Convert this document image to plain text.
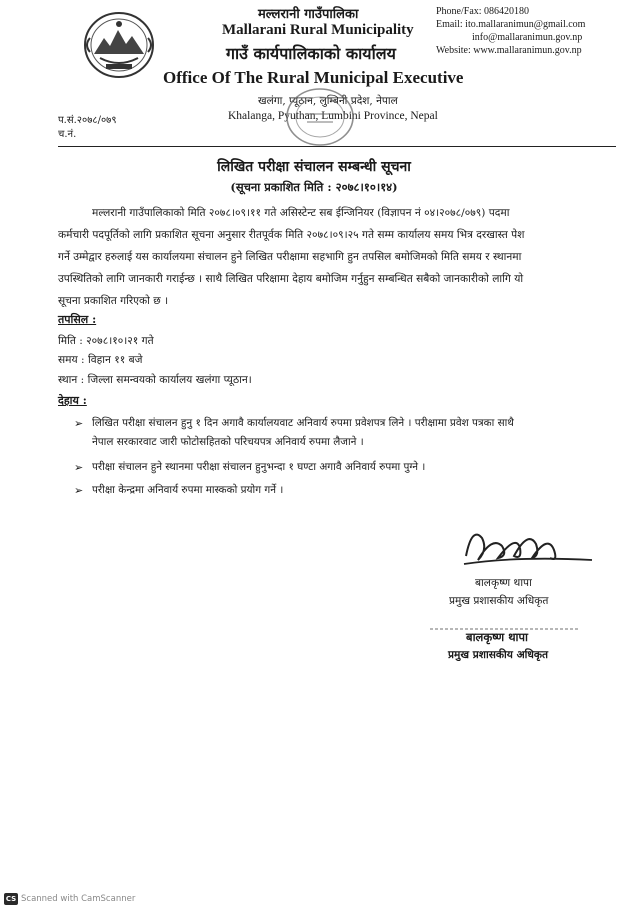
मल्लरानी गाउँपालिका
Mallarani Rural Municipality
गाउँ कार्यपालिकाको कार्यालय
Office Of The Rural Municipal Executive
खलंगा, प्यूठान, लुम्बिनी प्रदेश, नेपाल
Khalanga, Pyuthan, Lumbini Province, Nepal
Phone/Fax: 086420180
Email: ito.mallaranimun@gmail.com
info@mallaranimun.gov.np
Website: www.mallaranimun.gov.np
प.सं.२०७८/०७९
च.नं.
लिखित परीक्षा संचालन सम्बन्धी सूचना
(सूचना प्रकाशित मिति : २०७८।१०।१४)
मल्लरानी गाउँपालिकाको मिति २०७८।०९।११ गते असिस्टेन्ट सब ईन्जिनियर (विज्ञापन नं ०४।२०७८/०७९) पदमा
कर्मचारी पदपूर्तिको लागि प्रकाशित सूचना अनुसार रीतपूर्वक मिति २०७८।०९।२५ गते सम्म कार्यालय समय भित्र दरखास्त पेश
गर्ने उम्मेद्वार हरुलाई यस कार्यालयमा संचालन हुने लिखित परीक्षामा सहभागि हुन तपसिल बमोजिमको मिति समय र स्थानमा
उपस्थितिको लागि जानकारी गराईन्छ । साथै लिखित परिक्षामा देहाय बमोजिम गर्नुहुन सम्बन्धित सबैको जानकारीको लागि यो
सूचना प्रकाशित गरिएको छ ।
तपसिल :
मिति : २०७८।१०।२१ गते
समय : विहान ११ बजे
स्थान : जिल्ला समन्वयको कार्यालय खलंगा प्यूठान।
देहाय :
➢ लिखित परीक्षा संचालन हुनु १ दिन अगावै कार्यालयवाट अनिवार्य रुपमा प्रवेशपत्र लिने । परीक्षामा प्रवेश पत्रका साथै
नेपाल सरकारवाट जारी फोटोसहितको परिचयपत्र अनिवार्य रुपमा लैजाने ।
➢ परीक्षा संचालन हुने स्थानमा परीक्षा संचालन हुनुभन्दा १ घण्टा अगावै अनिवार्य रुपमा पुग्ने ।
➢ परीक्षा केन्द्रमा अनिवार्य रुपमा मास्कको प्रयोग गर्ने ।
बालकृष्ण थापा
प्रमुख प्रशासकीय अधिकृत
बालकृष्ण थापा
प्रमुख प्रशासकीय अधिकृत
CS Scanned with CamScanner
